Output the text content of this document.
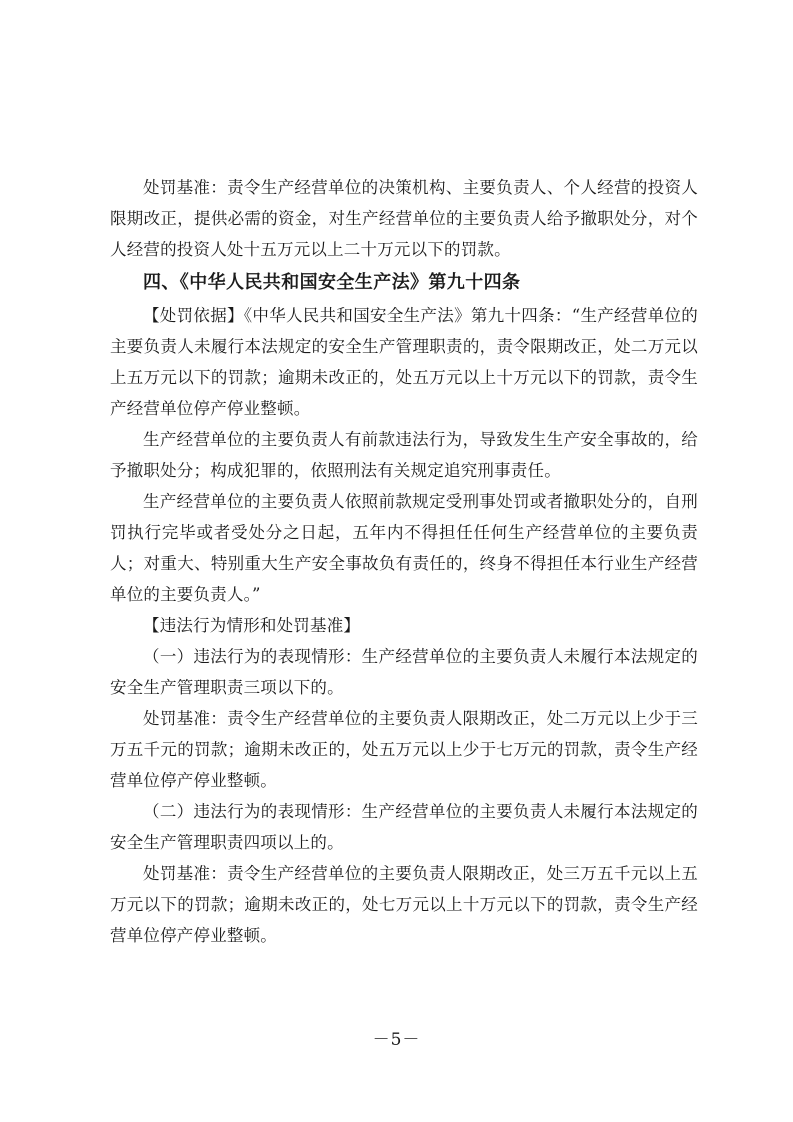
处罚基准：责令生产经营单位的决策机构、主要负责人、个人经营的投资人限期改正，提供必需的资金，对生产经营单位的主要负责人给予撤职处分，对个人经营的投资人处十五万元以上二十万元以下的罚款。

四、《中华人民共和国安全生产法》第九十四条

【处罚依据】《中华人民共和国安全生产法》第九十四条：“生产经营单位的主要负责人未履行本法规定的安全生产管理职责的，责令限期改正，处二万元以上五万元以下的罚款；逾期未改正的，处五万元以上十万元以下的罚款，责令生产经营单位停产停业整顿。

生产经营单位的主要负责人有前款违法行为，导致发生生产安全事故的，给予撤职处分；构成犯罪的，依照刑法有关规定追究刑事责任。

生产经营单位的主要负责人依照前款规定受刑事处罚或者撤职处分的，自刑罚执行完毕或者受处分之日起，五年内不得担任任何生产经营单位的主要负责人；对重大、特别重大生产安全事故负有责任的，终身不得担任本行业生产经营单位的主要负责人。”

【违法行为情形和处罚基准】

（一）违法行为的表现情形：生产经营单位的主要负责人未履行本法规定的安全生产管理职责三项以下的。

处罚基准：责令生产经营单位的主要负责人限期改正，处二万元以上少于三万五千元的罚款；逾期未改正的，处五万元以上少于七万元的罚款，责令生产经营单位停产停业整顿。

（二）违法行为的表现情形：生产经营单位的主要负责人未履行本法规定的安全生产管理职责四项以上的。

处罚基准：责令生产经营单位的主要负责人限期改正，处三万五千元以上五万元以下的罚款；逾期未改正的，处七万元以上十万元以下的罚款，责令生产经营单位停产停业整顿。

－5－
